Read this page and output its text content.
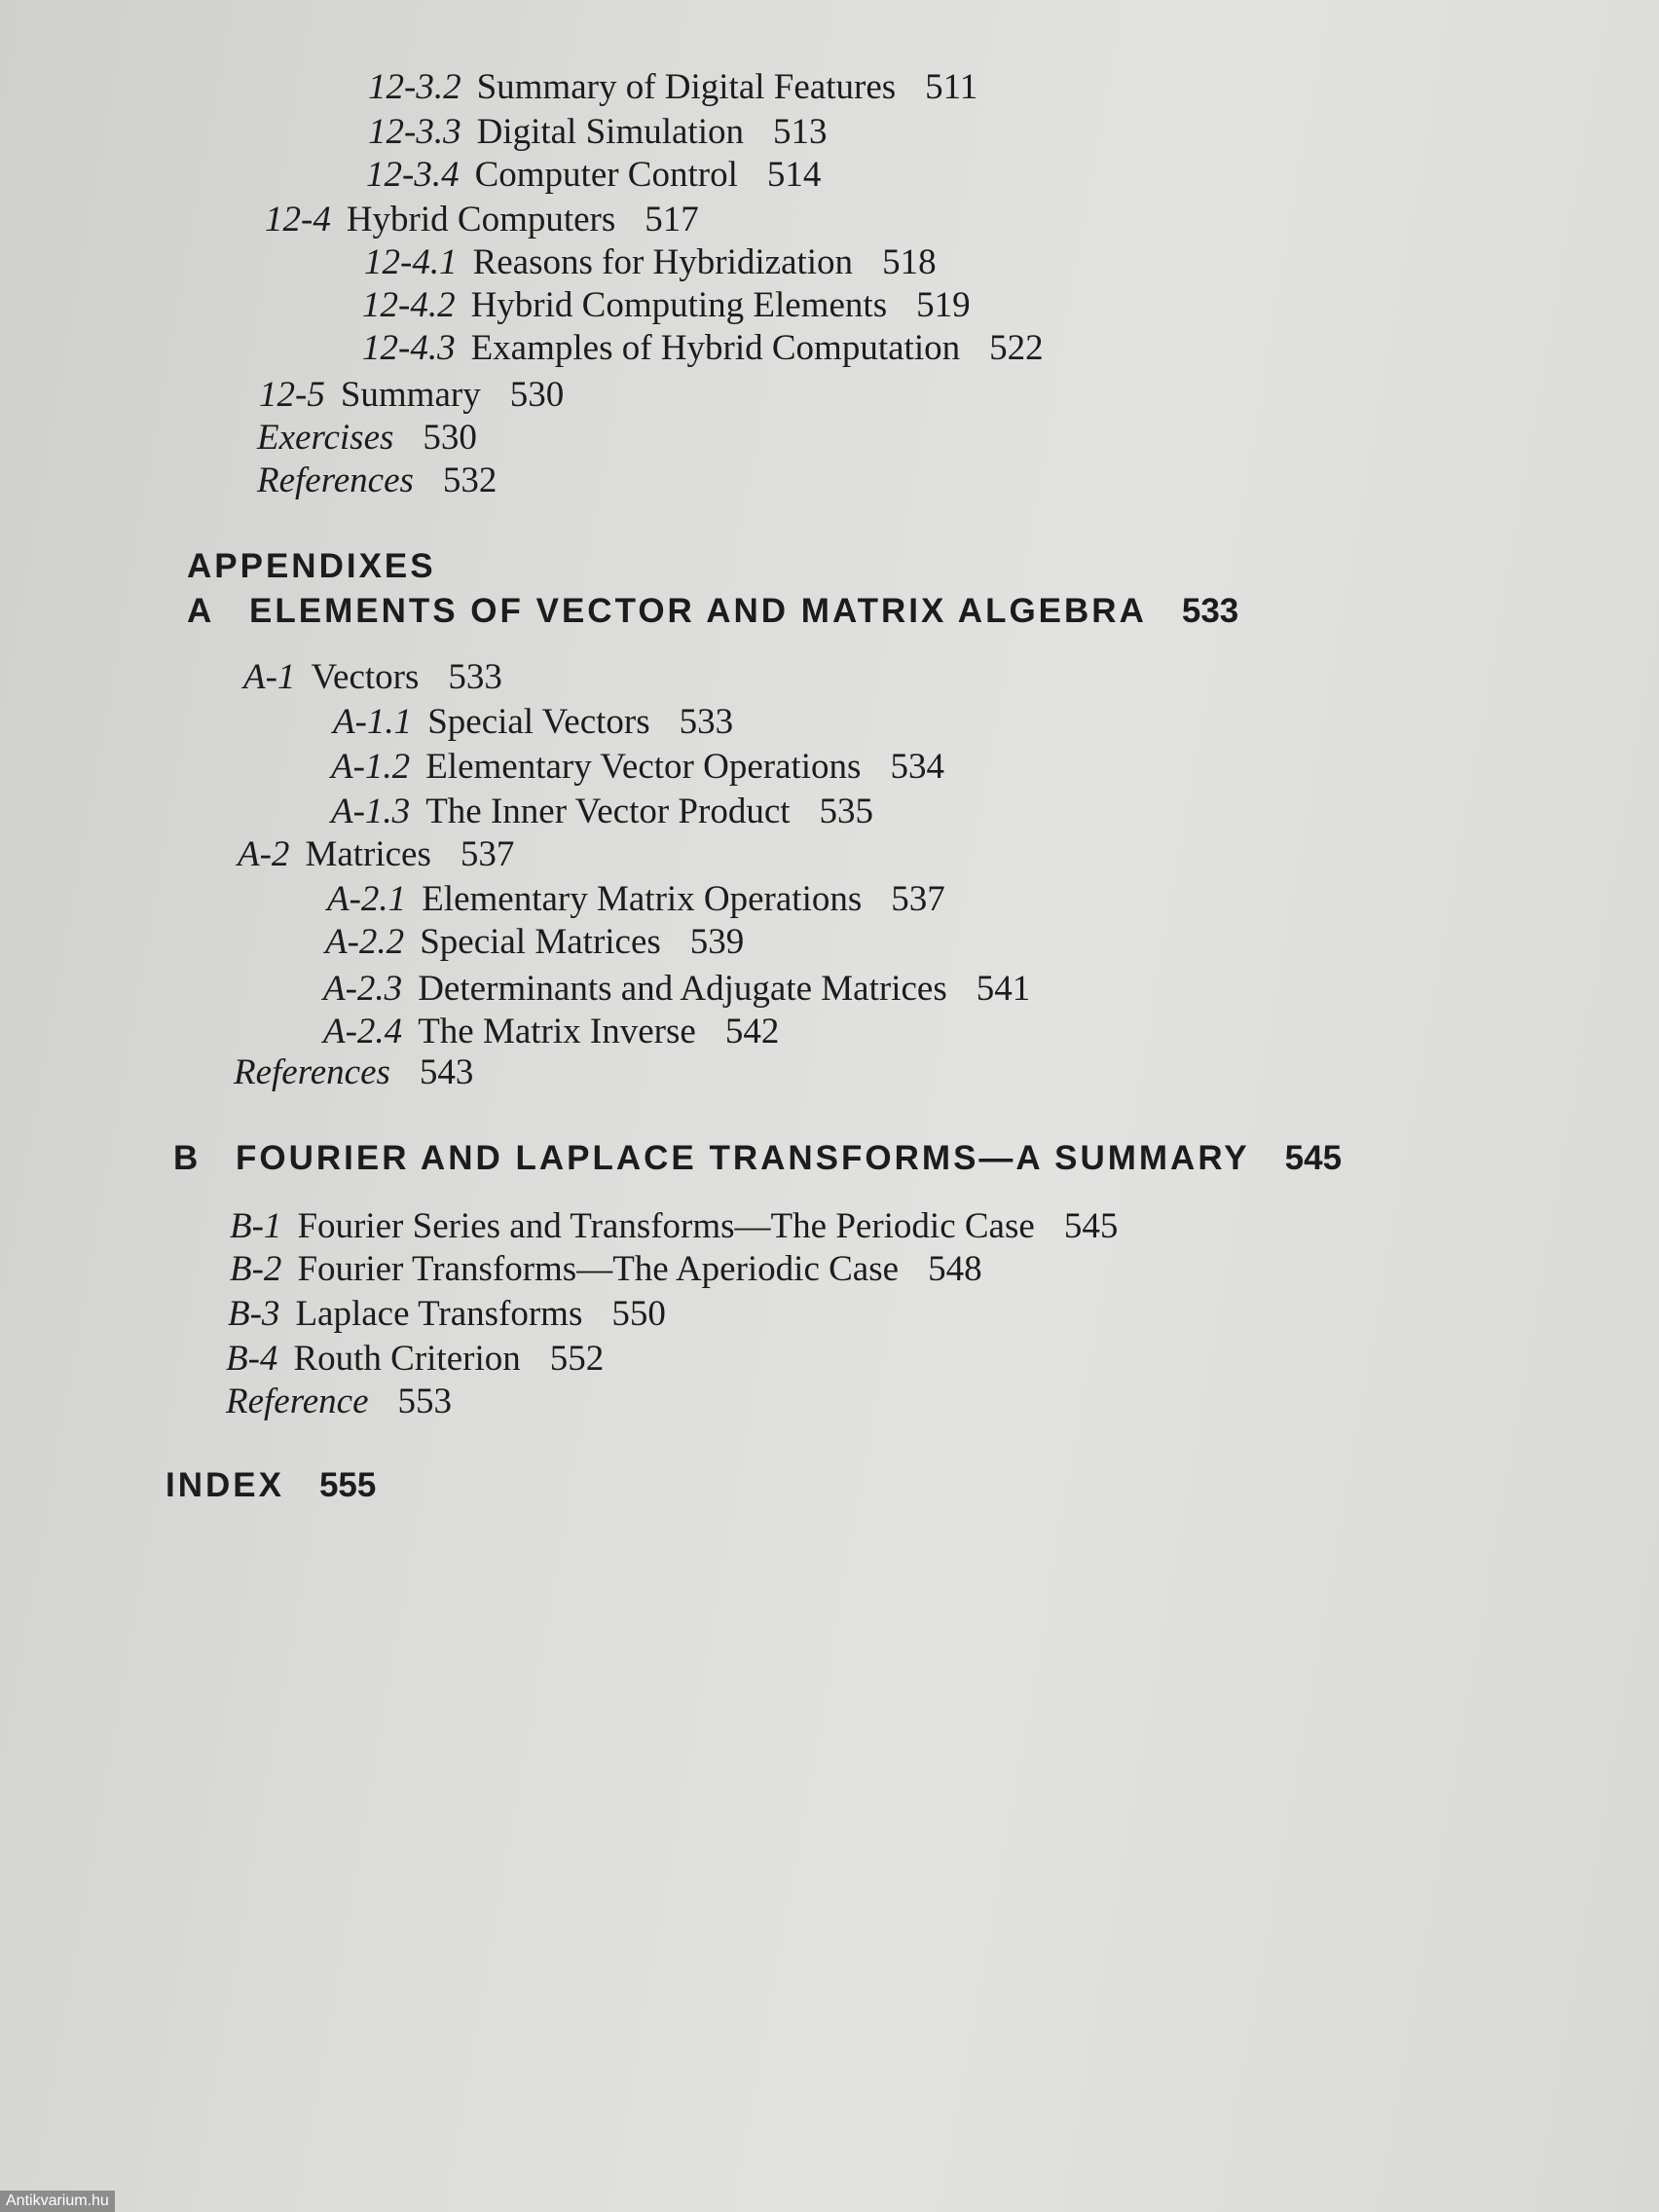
12-3.2 Summary of Digital Features 511
12-3.3 Digital Simulation 513
12-3.4 Computer Control 514
12-4 Hybrid Computers 517
12-4.1 Reasons for Hybridization 518
12-4.2 Hybrid Computing Elements 519
12-4.3 Examples of Hybrid Computation 522
12-5 Summary 530
Exercises 530
References 532
A-1 Vectors 533
A-1.1 Special Vectors 533
A-1.2 Elementary Vector Operations 534
A-1.3 The Inner Vector Product 535
A-2 Matrices 537
A-2.1 Elementary Matrix Operations 537
A-2.2 Special Matrices 539
A-2.3 Determinants and Adjugate Matrices 541
A-2.4 The Matrix Inverse 542
References 543
B-1 Fourier Series and Transforms—The Periodic Case 545
B-2 Fourier Transforms—The Aperiodic Case 548
B-3 Laplace Transforms 550
B-4 Routh Criterion 552
Reference 553
APPENDIXES
A ELEMENTS OF VECTOR AND MATRIX ALGEBRA 533
B FOURIER AND LAPLACE TRANSFORMS—A SUMMARY 545
INDEX 555
Antikvarium.hu
